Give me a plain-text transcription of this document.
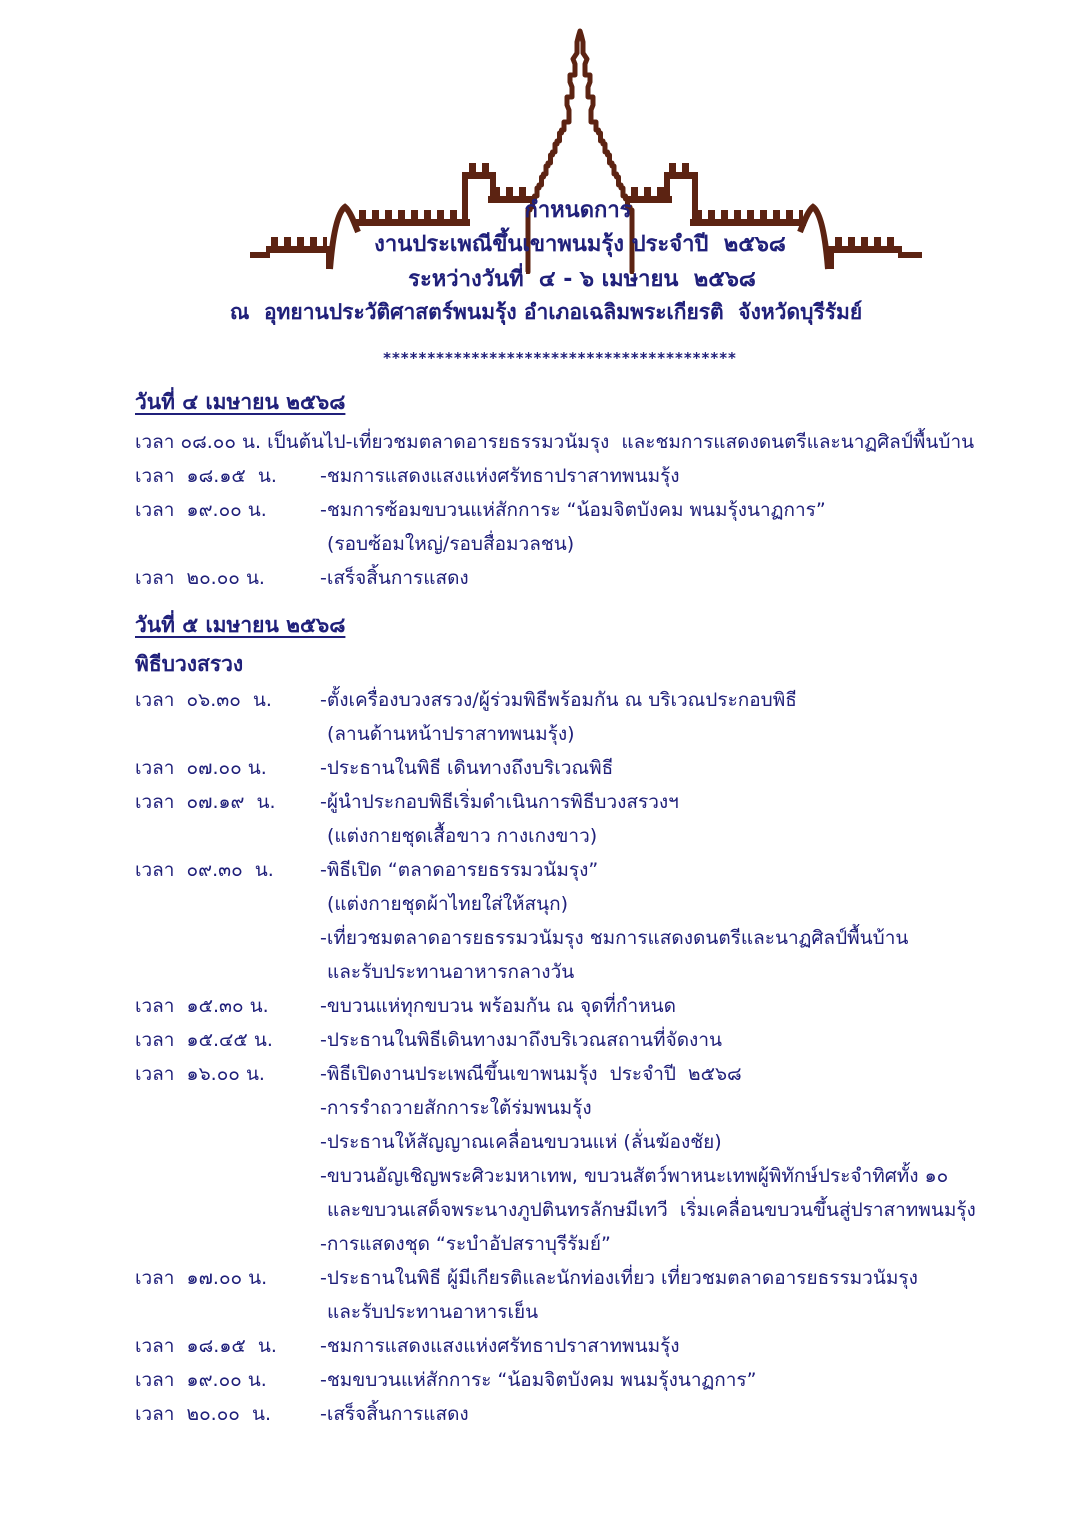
กำหนดการ
งานประเพณีขึ้นเขาพนมรุ้ง ประจำปี  ๒๕๖๘
ระหว่างวันที่  ๔ - ๖ เมษายน  ๒๕๖๘
ณ  อุทยานประวัติศาสตร์พนมรุ้ง อำเภอเฉลิมพระเกียรติ  จังหวัดบุรีรัมย์
****************************************
วันที่ ๔ เมษายน ๒๕๖๘
เวลา ๐๘.๐๐ น. เป็นต้นไป-เที่ยวชมตลาดอารยธรรมวนัมรุง  และชมการแสดงดนตรีและนาฏศิลป์พื้นบ้าน
เวลา  ๑๘.๑๕  น.	-ชมการแสดงแสงแห่งศรัทธาปราสาทพนมรุ้ง
เวลา  ๑๙.๐๐ น.	-ชมการซ้อมขบวนแห่สักการะ “น้อมจิตบังคม พนมรุ้งนาฏการ”
(รอบซ้อมใหญ่/รอบสื่อมวลชน)
เวลา  ๒๐.๐๐ น.	-เสร็จสิ้นการแสดง
วันที่ ๕ เมษายน ๒๕๖๘
พิธีบวงสรวง
เวลา  ๐๖.๓๐  น.	-ตั้งเครื่องบวงสรวง/ผู้ร่วมพิธีพร้อมกัน ณ บริเวณประกอบพิธี
(ลานด้านหน้าปราสาทพนมรุ้ง)
เวลา  ๐๗.๐๐ น.	-ประธานในพิธี เดินทางถึงบริเวณพิธี
เวลา  ๐๗.๑๙  น.	-ผู้นำประกอบพิธีเริ่มดำเนินการพิธีบวงสรวงฯ
(แต่งกายชุดเสื้อขาว กางเกงขาว)
เวลา  ๐๙.๓๐  น.	-พิธีเปิด “ตลาดอารยธรรมวนัมรุง”
(แต่งกายชุดผ้าไทยใส่ให้สนุก)
-เที่ยวชมตลาดอารยธรรมวนัมรุง ชมการแสดงดนตรีและนาฏศิลป์พื้นบ้าน
และรับประทานอาหารกลางวัน
เวลา  ๑๕.๓๐ น.	-ขบวนแห่ทุกขบวน พร้อมกัน ณ จุดที่กำหนด
เวลา  ๑๕.๔๕ น.	-ประธานในพิธีเดินทางมาถึงบริเวณสถานที่จัดงาน
เวลา  ๑๖.๐๐ น.	-พิธีเปิดงานประเพณีขึ้นเขาพนมรุ้ง  ประจำปี  ๒๕๖๘
-การรำถวายสักการะใต้ร่มพนมรุ้ง
-ประธานให้สัญญาณเคลื่อนขบวนแห่ (ลั่นฆ้องชัย)
-ขบวนอัญเชิญพระศิวะมหาเทพ, ขบวนสัตว์พาหนะเทพผู้พิทักษ์ประจำทิศทั้ง ๑๐
และขบวนเสด็จพระนางภูปตินทรลักษมีเทวี  เริ่มเคลื่อนขบวนขึ้นสู่ปราสาทพนมรุ้ง
-การแสดงชุด “ระบำอัปสราบุรีรัมย์”
เวลา  ๑๗.๐๐ น.	-ประธานในพิธี ผู้มีเกียรติและนักท่องเที่ยว เที่ยวชมตลาดอารยธรรมวนัมรุง
และรับประทานอาหารเย็น
เวลา  ๑๘.๑๕  น.	-ชมการแสดงแสงแห่งศรัทธาปราสาทพนมรุ้ง
เวลา  ๑๙.๐๐ น.	-ชมขบวนแห่สักการะ “น้อมจิตบังคม พนมรุ้งนาฏการ”
เวลา  ๒๐.๐๐  น.	-เสร็จสิ้นการแสดง
